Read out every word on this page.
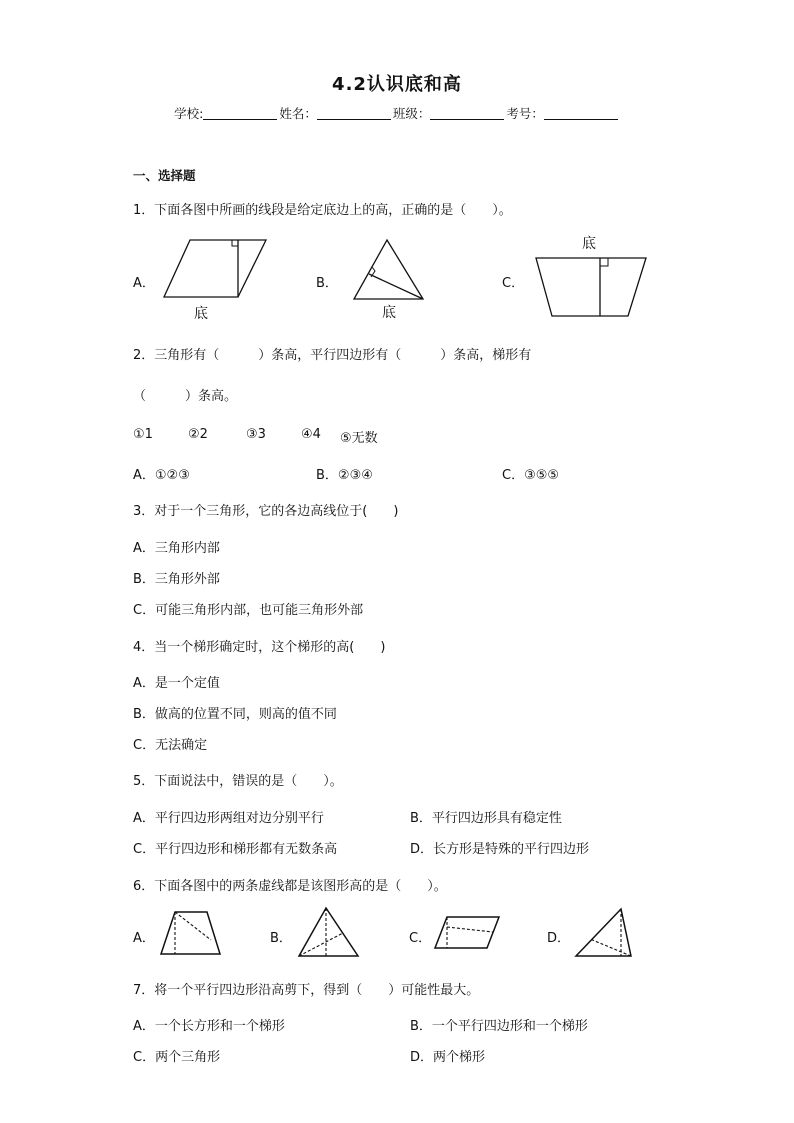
4.2认识底和高
学校:	姓名：	班级：	考号：
一、选择题
1．下面各图中所画的线段是给定底边上的高，正确的是（　　）。
A．	B．	C．
底	底
底
2．三角形有（　　　）条高，平行四边形有（　　　）条高，梯形有
（　　　）条高。
①1	②2	③3	④4 ⑤无数
A．①②③	B．②③④	C．③⑤⑤
3．对于一个三角形，它的各边高线位于(　　)
A．三角形内部
B．三角形外部
C．可能三角形内部，也可能三角形外部
4．当一个梯形确定时，这个梯形的高(　　)
A．是一个定值
B．做高的位置不同，则高的值不同
C．无法确定
5．下面说法中，错误的是（　　）。
A．平行四边形两组对边分别平行	B．平行四边形具有稳定性
C．平行四边形和梯形都有无数条高	D．长方形是特殊的平行四边形
6．下面各图中的两条虚线都是该图形高的是（　　）。
A．	B．	C．	D．
7．将一个平行四边形沿高剪下，得到（　　）可能性最大。
A．一个长方形和一个梯形	B．一个平行四边形和一个梯形
C．两个三角形	D．两个梯形
